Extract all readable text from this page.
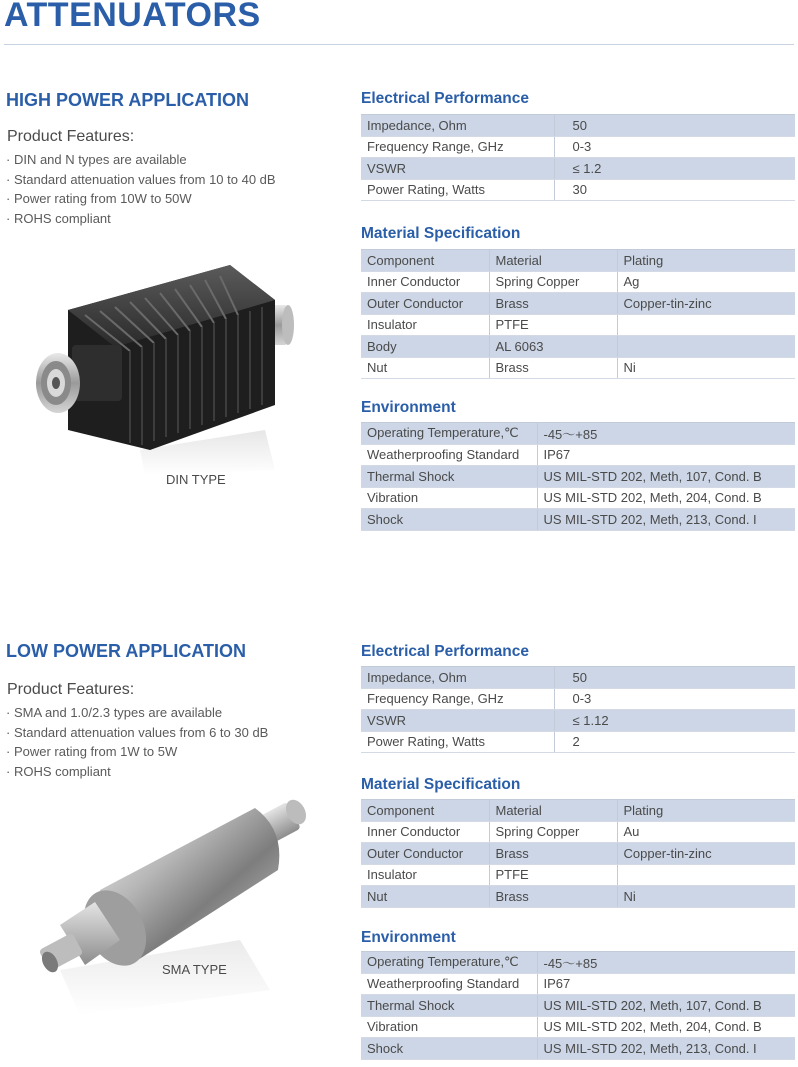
ATTENUATORS
HIGH POWER APPLICATION
Product Features:
· DIN and N types are available
· Standard attenuation values from 10 to 40 dB
· Power rating from 10W to 50W
· ROHS compliant
DIN TYPE
Electrical Performance
Impedance, Ohm	50
Frequency Range, GHz	0-3
VSWR	≤ 1.2
Power Rating, Watts	30
Material Specification
Component	Material	Plating
Inner Conductor	Spring Copper	Ag
Outer Conductor	Brass	Copper-tin-zinc
Insulator	PTFE	
Body	AL 6063	
Nut	Brass	Ni
Environment
Operating Temperature,℃	-45～+85
Weatherproofing Standard	IP67
Thermal Shock	US MIL-STD 202, Meth, 107, Cond. B
Vibration	US MIL-STD 202, Meth, 204, Cond. B
Shock	US MIL-STD 202, Meth, 213, Cond. I
LOW POWER APPLICATION
Product Features:
· SMA and 1.0/2.3 types are available
· Standard attenuation values from 6 to 30 dB
· Power rating from 1W to 5W
· ROHS compliant
SMA TYPE
Electrical Performance
Impedance, Ohm	50
Frequency Range, GHz	0-3
VSWR	≤ 1.12
Power Rating, Watts	2
Material Specification
Component	Material	Plating
Inner Conductor	Spring Copper	Au
Outer Conductor	Brass	Copper-tin-zinc
Insulator	PTFE	
Nut	Brass	Ni
Environment
Operating Temperature,℃	-45～+85
Weatherproofing Standard	IP67
Thermal Shock	US MIL-STD 202, Meth, 107, Cond. B
Vibration	US MIL-STD 202, Meth, 204, Cond. B
Shock	US MIL-STD 202, Meth, 213, Cond. I
